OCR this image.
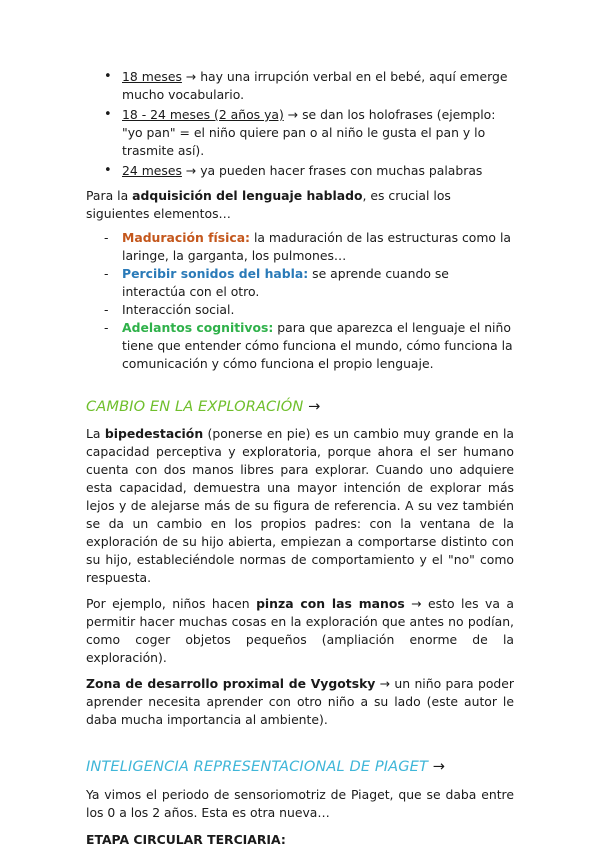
• 18 meses → hay una irrupción verbal en el bebé, aquí emerge mucho vocabulario.
• 18 - 24 meses (2 años ya) → se dan los holofrases (ejemplo: "yo pan" = el niño quiere pan o al niño le gusta el pan y lo trasmite así).
• 24 meses → ya pueden hacer frases con muchas palabras

Para la adquisición del lenguaje hablado, es crucial los siguientes elementos…

- Maduración física: la maduración de las estructuras como la laringe, la garganta, los pulmones…
- Percibir sonidos del habla: se aprende cuando se interactúa con el otro.
- Interacción social.
- Adelantos cognitivos: para que aparezca el lenguaje el niño tiene que entender cómo funciona el mundo, cómo funciona la comunicación y cómo funciona el propio lenguaje.
CAMBIO EN LA EXPLORACIÓN →

La bipedestación (ponerse en pie) es un cambio muy grande en la capacidad perceptiva y exploratoria, porque ahora el ser humano cuenta con dos manos libres para explorar. Cuando uno adquiere esta capacidad, demuestra una mayor intención de explorar más lejos y de alejarse más de su figura de referencia. A su vez también se da un cambio en los propios padres: con la ventana de la exploración de su hijo abierta, empiezan a comportarse distinto con su hijo, estableciéndole normas de comportamiento y el "no" como respuesta.

Por ejemplo, niños hacen pinza con las manos → esto les va a permitir hacer muchas cosas en la exploración que antes no podían, como coger objetos pequeños (ampliación enorme de la exploración).

Zona de desarrollo proximal de Vygotsky → un niño para poder aprender necesita aprender con otro niño a su lado (este autor le daba mucha importancia al ambiente).

INTELIGENCIA REPRESENTACIONAL DE PIAGET →

Ya vimos el periodo de sensoriomotriz de Piaget, que se daba entre los 0 a los 2 años. Esta es otra nueva…

ETAPA CIRCULAR TERCIARIA:
